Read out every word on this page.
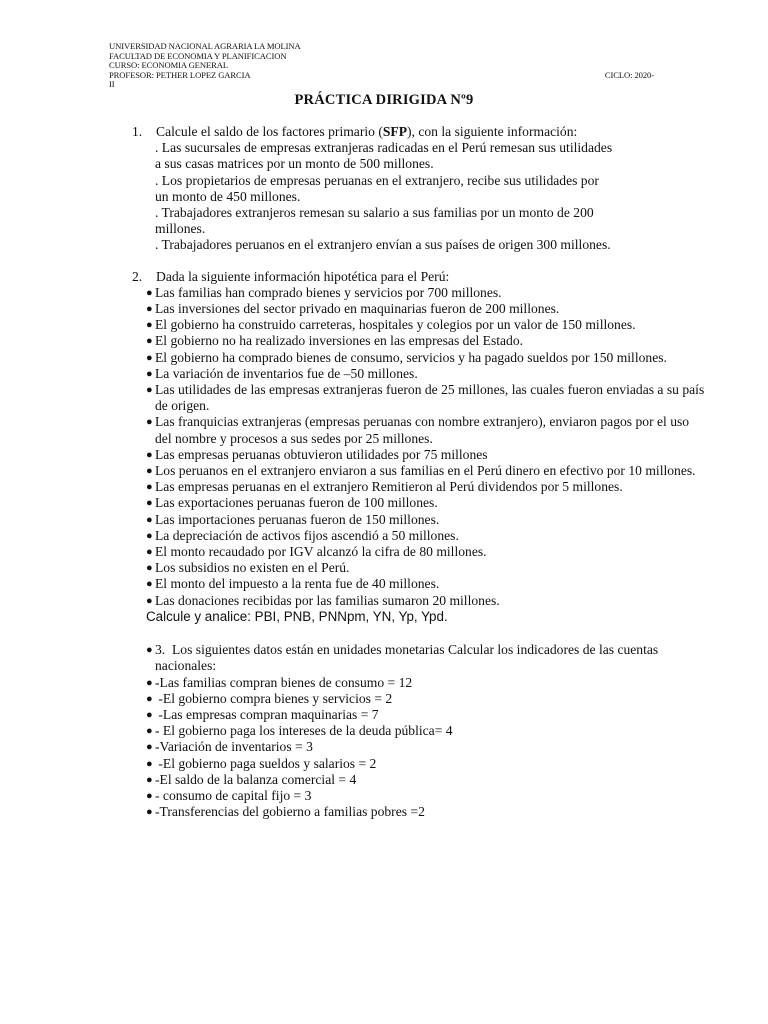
UNIVERSIDAD NACIONAL AGRARIA LA MOLINA
FACULTAD DE ECONOMIA Y PLANIFICACION
CURSO: ECONOMIA GENERAL
PROFESOR: PETHER LOPEZ GARCIA	CICLO: 2020-
II
PRÁCTICA DIRIGIDA Nº9
1. Calcule el saldo de los factores primario (SFP), con la siguiente información:
. Las sucursales de empresas extranjeras radicadas en el Perú remesan sus utilidades
a sus casas matrices por un monto de 500 millones.
. Los propietarios de empresas peruanas en el extranjero, recibe sus utilidades por
un monto de 450 millones.
. Trabajadores extranjeros remesan su salario a sus familias por un monto de 200
millones.
. Trabajadores peruanos en el extranjero envían a sus países de origen 300 millones.
2. Dada la siguiente información hipotética para el Perú:
● Las familias han comprado bienes y servicios por 700 millones.
● Las inversiones del sector privado en maquinarias fueron de 200 millones.
● El gobierno ha construido carreteras, hospitales y colegios por un valor de 150 millones.
● El gobierno no ha realizado inversiones en las empresas del Estado.
● El gobierno ha comprado bienes de consumo, servicios y ha pagado sueldos por 150 millones.
● La variación de inventarios fue de –50 millones.
● Las utilidades de las empresas extranjeras fueron de 25 millones, las cuales fueron enviadas a su país de origen.
● Las franquicias extranjeras (empresas peruanas con nombre extranjero), enviaron pagos por el uso del nombre y procesos a sus sedes por 25 millones.
● Las empresas peruanas obtuvieron utilidades por 75 millones
● Los peruanos en el extranjero enviaron a sus familias en el Perú dinero en efectivo por 10 millones.
● Las empresas peruanas en el extranjero Remitieron al Perú dividendos por 5 millones.
● Las exportaciones peruanas fueron de 100 millones.
● Las importaciones peruanas fueron de 150 millones.
● La depreciación de activos fijos ascendió a 50 millones.
● El monto recaudado por IGV alcanzó la cifra de 80 millones.
● Los subsidios no existen en el Perú.
● El monto del impuesto a la renta fue de 40 millones.
● Las donaciones recibidas por las familias sumaron 20 millones.
Calcule y analice: PBI, PNB, PNNpm, YN, Yp, Ypd.
● 3.  Los siguientes datos están en unidades monetarias Calcular los indicadores de las cuentas nacionales:
● -Las familias compran bienes de consumo = 12
● -El gobierno compra bienes y servicios = 2
● -Las empresas compran maquinarias = 7
● - El gobierno paga los intereses de la deuda pública= 4
● -Variación de inventarios = 3
● -El gobierno paga sueldos y salarios = 2
● -El saldo de la balanza comercial = 4
● - consumo de capital fijo = 3
● -Transferencias del gobierno a familias pobres =2
